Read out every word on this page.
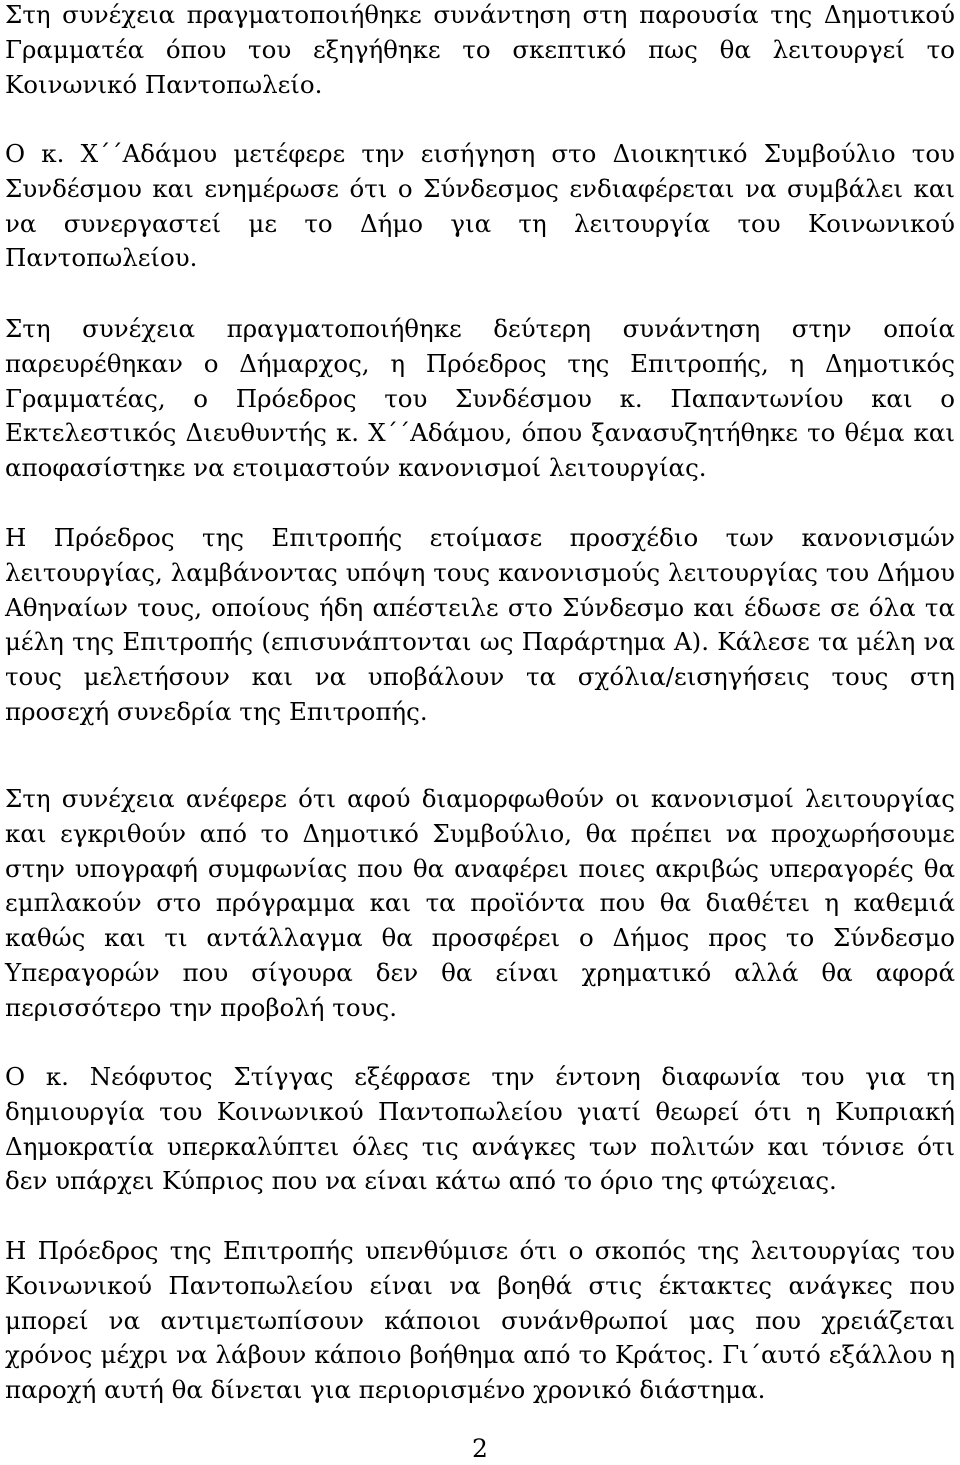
Στη συνέχεια πραγματοποιήθηκε συνάντηση στη παρουσία της Δημοτικού Γραμματέα όπου του εξηγήθηκε το σκεπτικό πως θα λειτουργεί το Κοινωνικό Παντοπωλείο.

Ο κ. Χ΄΄Αδάμου μετέφερε την εισήγηση στο Διοικητικό Συμβούλιο του Συνδέσμου και ενημέρωσε ότι ο Σύνδεσμος ενδιαφέρεται να συμβάλει και να συνεργαστεί με το Δήμο για τη λειτουργία του Κοινωνικού Παντοπωλείου.

Στη συνέχεια πραγματοποιήθηκε δεύτερη συνάντηση στην οποία παρευρέθηκαν ο Δήμαρχος, η Πρόεδρος της Επιτροπής, η Δημοτικός Γραμματέας, ο Πρόεδρος του Συνδέσμου κ. Παπαντωνίου και ο Εκτελεστικός Διευθυντής κ. Χ΄΄Αδάμου, όπου ξανασυζητήθηκε το θέμα και αποφασίστηκε να ετοιμαστούν κανονισμοί λειτουργίας.

Η Πρόεδρος της Επιτροπής ετοίμασε προσχέδιο των κανονισμών λειτουργίας, λαμβάνοντας υπόψη τους κανονισμούς λειτουργίας του Δήμου Αθηναίων τους, οποίους ήδη απέστειλε στο Σύνδεσμο και έδωσε σε όλα τα μέλη της Επιτροπής (επισυνάπτονται ως Παράρτημα Α). Κάλεσε τα μέλη να τους μελετήσουν και να υποβάλουν τα σχόλια/εισηγήσεις τους στη προσεχή συνεδρία της Επιτροπής.

Στη συνέχεια ανέφερε ότι αφού διαμορφωθούν οι κανονισμοί λειτουργίας και εγκριθούν από το Δημοτικό Συμβούλιο, θα πρέπει να προχωρήσουμε στην υπογραφή συμφωνίας που θα αναφέρει ποιες ακριβώς υπεραγορές θα εμπλακούν στο πρόγραμμα και τα προϊόντα που θα διαθέτει η καθεμιά καθώς και τι αντάλλαγμα θα προσφέρει ο Δήμος προς το Σύνδεσμο Υπεραγορών που σίγουρα δεν θα είναι χρηματικό αλλά θα αφορά περισσότερο την προβολή τους.

Ο κ. Νεόφυτος Στίγγας εξέφρασε την έντονη διαφωνία του για τη δημιουργία του Κοινωνικού Παντοπωλείου γιατί θεωρεί ότι η Κυπριακή Δημοκρατία υπερκαλύπτει όλες τις ανάγκες των πολιτών και τόνισε ότι δεν υπάρχει Κύπριος που να είναι κάτω από το όριο της φτώχειας.

Η Πρόεδρος της Επιτροπής υπενθύμισε ότι ο σκοπός της λειτουργίας του Κοινωνικού Παντοπωλείου είναι να βοηθά στις έκτακτες ανάγκες που μπορεί να αντιμετωπίσουν κάποιοι συνάνθρωποί μας που χρειάζεται χρόνος μέχρι να λάβουν κάποιο βοήθημα από το Κράτος. Γι΄αυτό εξάλλου η παροχή αυτή θα δίνεται για περιορισμένο χρονικό διάστημα.

2
